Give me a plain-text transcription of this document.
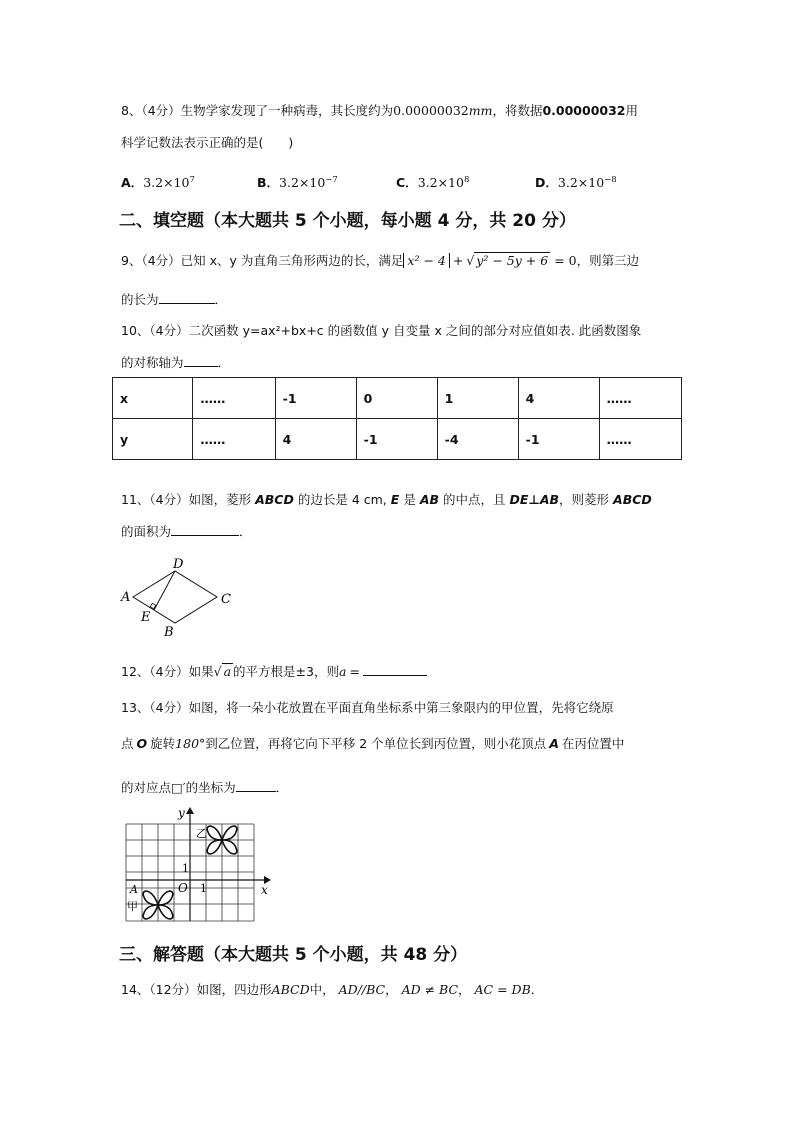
8、（4分）生物学家发现了一种病毒，其长度约为0.00000032mm，将数据0.00000032用
科学记数法表示正确的是(　　)
A．$3.2\times 10^7$	B．$3.2\times 10^{-7}$	C．$3.2\times 10^8$	D．$3.2\times 10^{-8}$
二、填空题（本大题共 5 个小题，每小题 4 分，共 20 分）
9、（4分）已知 x、y 为直角三角形两边的长，满足 x² − 4 + √ y² − 5y + 6 = 0，则第三边
的长为	．
10、（4分）二次函数 y=ax²+bx+c 的函数值 y 自变量 x 之间的部分对应值如表. 此函数图象
的对称轴为	．
x	……	-1	0	1	4	……
y	……	4	-1	-4	-1	……
11、（4分）如图，菱形 ABCD 的边长是 4 cm, E 是 AB 的中点，且 DE⊥AB，则菱形 ABCD
的面积为	．
D
A	C
E
B
12、（4分）如果√ a 的平方根是±3，则a =
13、（4分）如图，将一朵小花放置在平面直角坐标系中第三象限内的甲位置，先将它绕原
点 O 旋转180°到乙位置，再将它向下平移 2 个单位长到丙位置，则小花顶点 A 在丙位置中
的对应点□′的坐标为	．
y
x
O 1
1
乙
A
甲
三、解答题（本大题共 5 个小题，共 48 分）
14、（12分）如图，四边形ABCD中， AD//BC， AD ≠ BC， AC = DB．
